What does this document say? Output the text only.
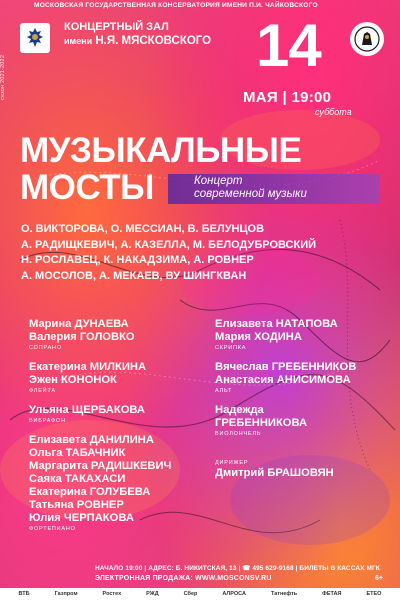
сезон 2021-2022
МОСКОВСКАЯ ГОСУДАРСТВЕННАЯ КОНСЕРВАТОРИЯ ИМЕНИ П.И. ЧАЙКОВСКОГО
КОНЦЕРТНЫЙ ЗАЛ
имени Н.Я. МЯСКОВСКОГО 14
МАЯ | 19:00
суббота
МУЗЫКАЛЬНЫЕ
МОСТЫ	Концерт
современной музыки
О. ВИКТОРОВА, О. МЕССИАН, В. БЕЛУНЦОВ
А. РАДИЩКЕВИЧ, А. КАЗЕЛЛА, М. БЕЛОДУБРОВСКИЙ
Н. РОСЛАВЕЦ, К. НАКАДЗИМА, А. РОВНЕР
А. МОСОЛОВ, А. МЕКАЕВ, ВУ ШИНГКВАН
Марина ДУНАЕВА
Валерия ГОЛОВКО
СОПРАНО
Екатерина МИЛКИНА
Эжен КОНОНОК
ФЛЕЙТА
Ульяна ЩЕРБАКОВА
ВИБРАФОН
Елизавета ДАНИЛИНА
Ольга ТАБАЧНИК
Маргарита РАДИШКЕВИЧ
Саяка ТАКАХАСИ
Екатерина ГОЛУБЕВА
Татьяна РОВНЕР
Юлия ЧЕРПАКОВА
ФОРТЕПИАНО
Елизавета НАТАПОВА
Мария ХОДИНА
СКРИПКА
Вячеслав ГРЕБЕННИКОВ
Анастасия АНИСИМОВА
АЛЬТ
Надежда
ГРЕБЕННИКОВА
ВИОЛОНЧЕЛЬ
ДИРИЖЕР
Дмитрий БРАШОВЯН
НАЧАЛО 19:00 | АДРЕС: Б. НИКИТСКАЯ, 13 | ☎ 495 629-9168 | БИЛЕТЫ В КАССАХ МГК
ЭЛЕКТРОННАЯ ПРОДАЖА: WWW.MOSCONSV.RU	6+
ВТБ	Газпром	Ростех	РЖД	Сбер	АЛРОСА	Татнефть	ФЕТАЯ	ЕТЕО
